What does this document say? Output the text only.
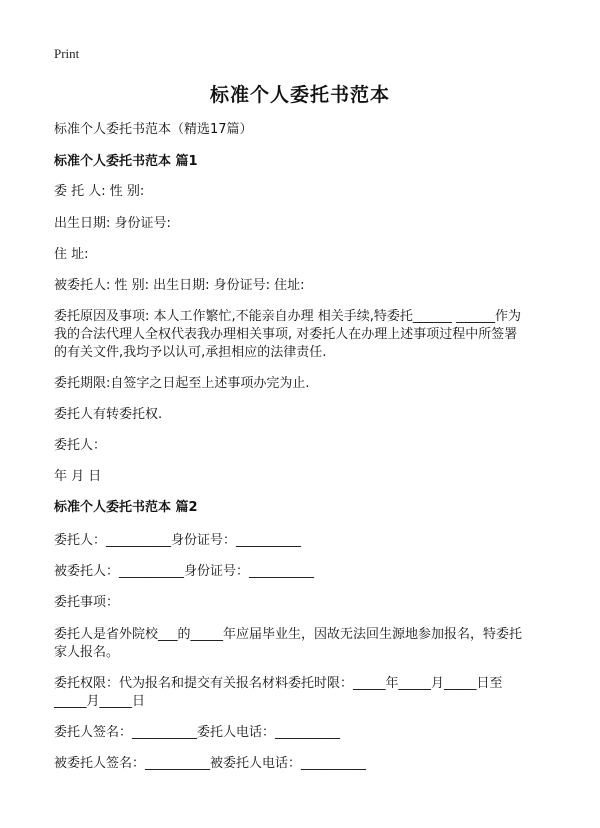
Print
标准个人委托书范本
标准个人委托书范本（精选17篇）
标准个人委托书范本 篇1
委 托 人: 性 别:
出生日期: 身份证号:
住 址:
被委托人: 性 别: 出生日期: 身份证号: 住址:
委托原因及事项: 本人工作繁忙,不能亲自办理 相关手续,特委托______ ______作为
我的合法代理人全权代表我办理相关事项, 对委托人在办理上述事项过程中所签署
的有关文件,我均予以认可,承担相应的法律责任.
委托期限:自签字之日起至上述事项办完为止.
委托人有转委托权.
委托人：
年 月 日
标准个人委托书范本 篇2
委托人：__________身份证号：__________
被委托人：__________身份证号：__________
委托事项：
委托人是省外院校___的_____年应届毕业生，因故无法回生源地参加报名，特委托
家人报名。
委托权限：代为报名和提交有关报名材料委托时限：_____年_____月_____日至
_____月_____日
委托人签名：__________委托人电话：__________
被委托人签名：__________被委托人电话：__________
